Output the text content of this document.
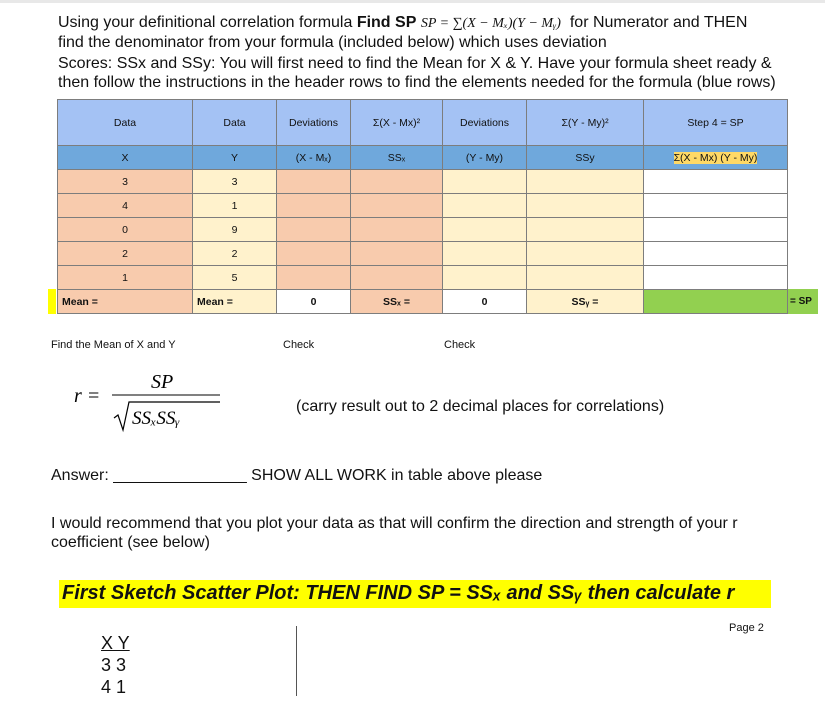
Using your definitional correlation formula Find SP SP = ∑(X − Mₓ)(Y − Mᵧ) for Numerator and THEN
find the denominator from your formula (included below) which uses deviation
Scores: SSx and SSy: You will first need to find the Mean for X & Y. Have your formula sheet ready &
then follow the instructions in the header rows to find the elements needed for the formula (blue rows)
Data	Data	Deviations	Σ(X - Mx)²	Deviations	Σ(Y - My)²	Step 4 = SP
X	Y	(X - Mₓ)	SSₓ	(Y - My)	SSy	Σ(X - Mx) (Y - My)
3	3					
4	1					
0	9					
2	2					
1	5					
Mean =	Mean =	0	SSₓ =	0	SSᵧ =		= SP
Find the Mean of X and Y	Check	Check
r =
SP
SSₓSSᵧ
(carry result out to 2 decimal places for correlations)
Answer: _______________ SHOW ALL WORK in table above please
I would recommend that you plot your data as that will confirm the direction and strength of your r
coefficient (see below)
First Sketch Scatter Plot: THEN FIND SP = SSₓ and SSᵧ then calculate r
Page 2
X Y
3 3
4 1
